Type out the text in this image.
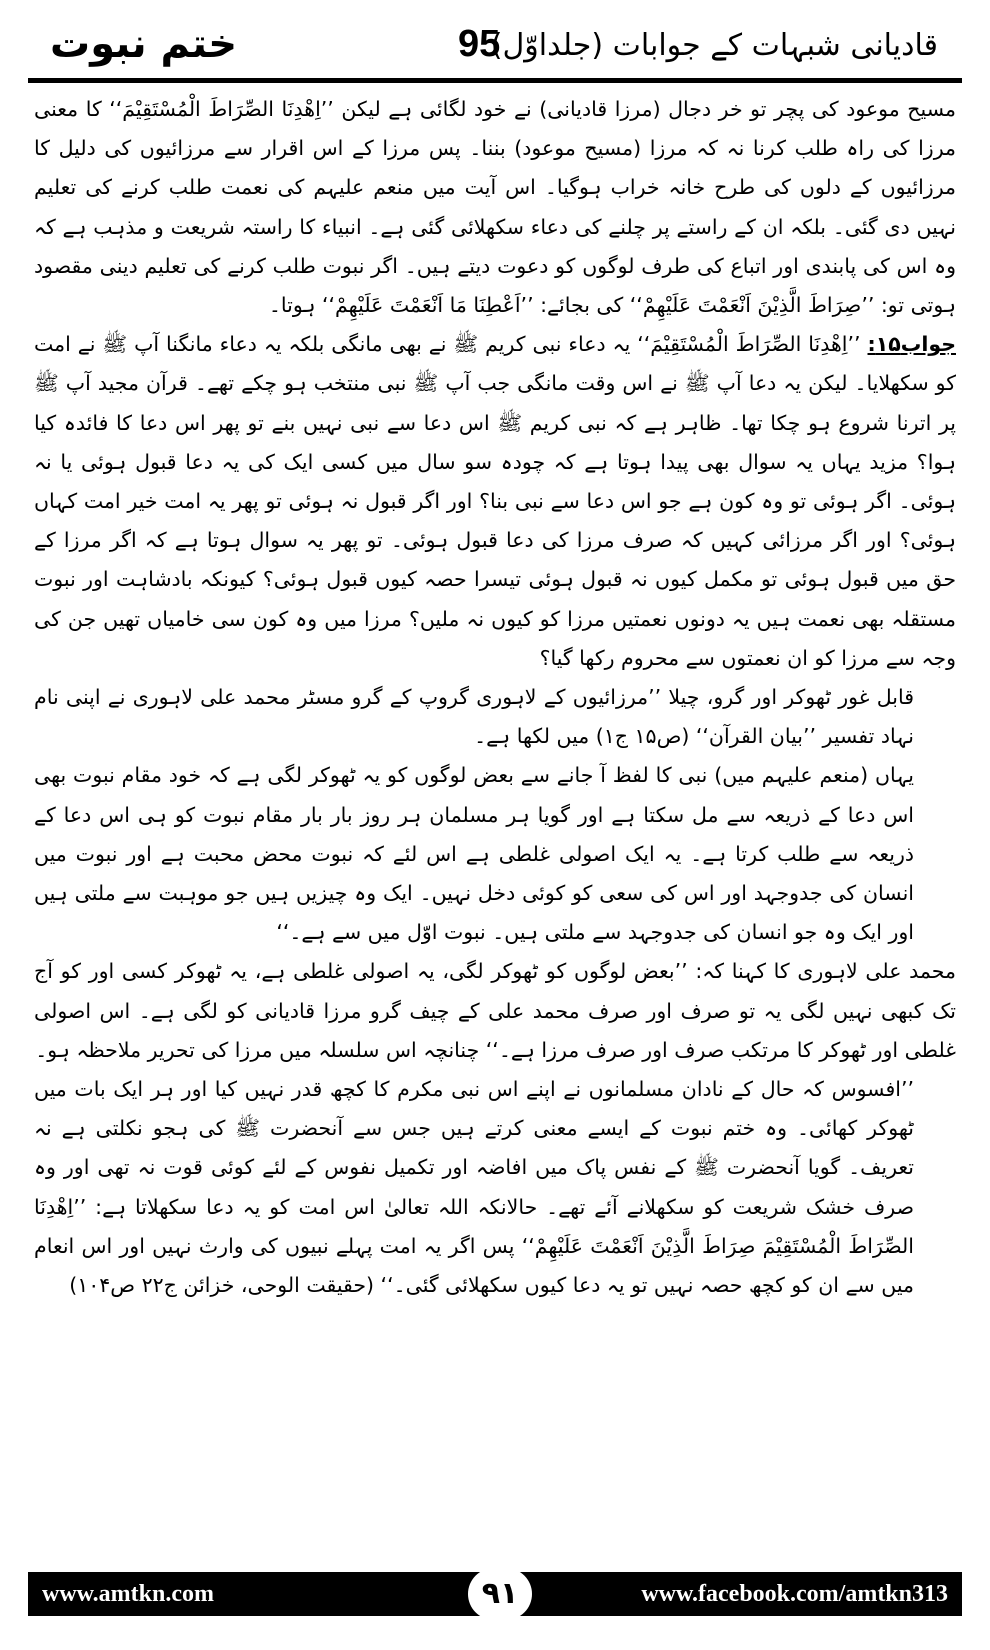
ختم نبوت	95
قادیانی شبہات کے جوابات (جلداوّل)

مسیح موعود کی پچر تو خر دجال (مرزا قادیانی) نے خود لگائی ہے لیکن ’’اِھْدِنَا الصِّرَاطَ الْمُسْتَقِیْمَ‘‘ کا معنی مرزا کی راہ طلب کرنا نہ کہ مرزا (مسیح موعود) بننا۔ پس مرزا کے اس اقرار سے مرزائیوں کی دلیل کا مرزائیوں کے دلوں کی طرح خانہ خراب ہوگیا۔ اس آیت میں منعم علیہم کی نعمت طلب کرنے کی تعلیم نہیں دی گئی۔ بلکہ ان کے راستے پر چلنے کی دعاء سکھلائی گئی ہے۔ انبیاء کا راستہ شریعت و مذہب ہے کہ وہ اس کی پابندی اور اتباع کی طرف لوگوں کو دعوت دیتے ہیں۔ اگر نبوت طلب کرنے کی تعلیم دینی مقصود ہوتی تو: ’’صِرَاطَ الَّذِیْنَ اَنْعَمْتَ عَلَیْھِمْ‘‘ کی بجائے: ’’اَعْطِنَا مَا اَنْعَمْتَ عَلَیْھِمْ‘‘ ہوتا۔

جواب۱۵: ’’اِھْدِنَا الصِّرَاطَ الْمُسْتَقِیْمَ‘‘ یہ دعاء نبی کریم ﷺ نے بھی مانگی بلکہ یہ دعاء مانگنا آپ ﷺ نے امت کو سکھلایا۔ لیکن یہ دعا آپ ﷺ نے اس وقت مانگی جب آپ ﷺ نبی منتخب ہو چکے تھے۔ قرآن مجید آپ ﷺ پر اترنا شروع ہو چکا تھا۔ ظاہر ہے کہ نبی کریم ﷺ اس دعا سے نبی نہیں بنے تو پھر اس دعا کا فائدہ کیا ہوا؟ مزید یہاں یہ سوال بھی پیدا ہوتا ہے کہ چودہ سو سال میں کسی ایک کی یہ دعا قبول ہوئی یا نہ ہوئی۔ اگر ہوئی تو وہ کون ہے جو اس دعا سے نبی بنا؟ اور اگر قبول نہ ہوئی تو پھر یہ امت خیر امت کہاں ہوئی؟ اور اگر مرزائی کہیں کہ صرف مرزا کی دعا قبول ہوئی۔ تو پھر یہ سوال ہوتا ہے کہ اگر مرزا کے حق میں قبول ہوئی تو مکمل کیوں نہ قبول ہوئی تیسرا حصہ کیوں قبول ہوئی؟ کیونکہ بادشاہت اور نبوت مستقلہ بھی نعمت ہیں یہ دونوں نعمتیں مرزا کو کیوں نہ ملیں؟ مرزا میں وہ کون سی خامیاں تھیں جن کی وجہ سے مرزا کو ان نعمتوں سے محروم رکھا گیا؟

قابل غور ٹھوکر اور گرو، چیلا ’’مرزائیوں کے لاہوری گروپ کے گرو مسٹر محمد علی لاہوری نے اپنی نام نہاد تفسیر ’’بیان القرآن‘‘ (ص۱۵ ج۱) میں لکھا ہے۔

یہاں (منعم علیہم میں) نبی کا لفظ آ جانے سے بعض لوگوں کو یہ ٹھوکر لگی ہے کہ خود مقام نبوت بھی اس دعا کے ذریعہ سے مل سکتا ہے اور گویا ہر مسلمان ہر روز بار بار مقام نبوت کو ہی اس دعا کے ذریعہ سے طلب کرتا ہے۔ یہ ایک اصولی غلطی ہے اس لئے کہ نبوت محض محبت ہے اور نبوت میں انسان کی جدوجہد اور اس کی سعی کو کوئی دخل نہیں۔ ایک وہ چیزیں ہیں جو موہبت سے ملتی ہیں اور ایک وہ جو انسان کی جدوجہد سے ملتی ہیں۔ نبوت اوّل میں سے ہے۔‘‘

محمد علی لاہوری کا کہنا کہ: ’’بعض لوگوں کو ٹھوکر لگی، یہ اصولی غلطی ہے، یہ ٹھوکر کسی اور کو آج تک کبھی نہیں لگی یہ تو صرف اور صرف محمد علی کے چیف گرو مرزا قادیانی کو لگی ہے۔ اس اصولی غلطی اور ٹھوکر کا مرتکب صرف اور صرف مرزا ہے۔‘‘ چنانچہ اس سلسلہ میں مرزا کی تحریر ملاحظہ ہو۔

’’افسوس کہ حال کے نادان مسلمانوں نے اپنے اس نبی مکرم کا کچھ قدر نہیں کیا اور ہر ایک بات میں ٹھوکر کھائی۔ وہ ختم نبوت کے ایسے معنی کرتے ہیں جس سے آنحضرت ﷺ کی ہجو نکلتی ہے نہ تعریف۔ گویا آنحضرت ﷺ کے نفس پاک میں افاضہ اور تکمیل نفوس کے لئے کوئی قوت نہ تھی اور وہ صرف خشک شریعت کو سکھلانے آئے تھے۔ حالانکہ اللہ تعالیٰ اس امت کو یہ دعا سکھلاتا ہے: ’’اِھْدِنَا الصِّرَاطَ الْمُسْتَقِیْمَ صِرَاطَ الَّذِیْنَ اَنْعَمْتَ عَلَیْھِمْ‘‘ پس اگر یہ امت پہلے نبیوں کی وارث نہیں اور اس انعام میں سے ان کو کچھ حصہ نہیں تو یہ دعا کیوں سکھلائی گئی۔‘‘ (حقیقت الوحی، خزائن ج۲۲ ص۱۰۴)

www.amtkn.com	۹۱	www.facebook.com/amtkn313
